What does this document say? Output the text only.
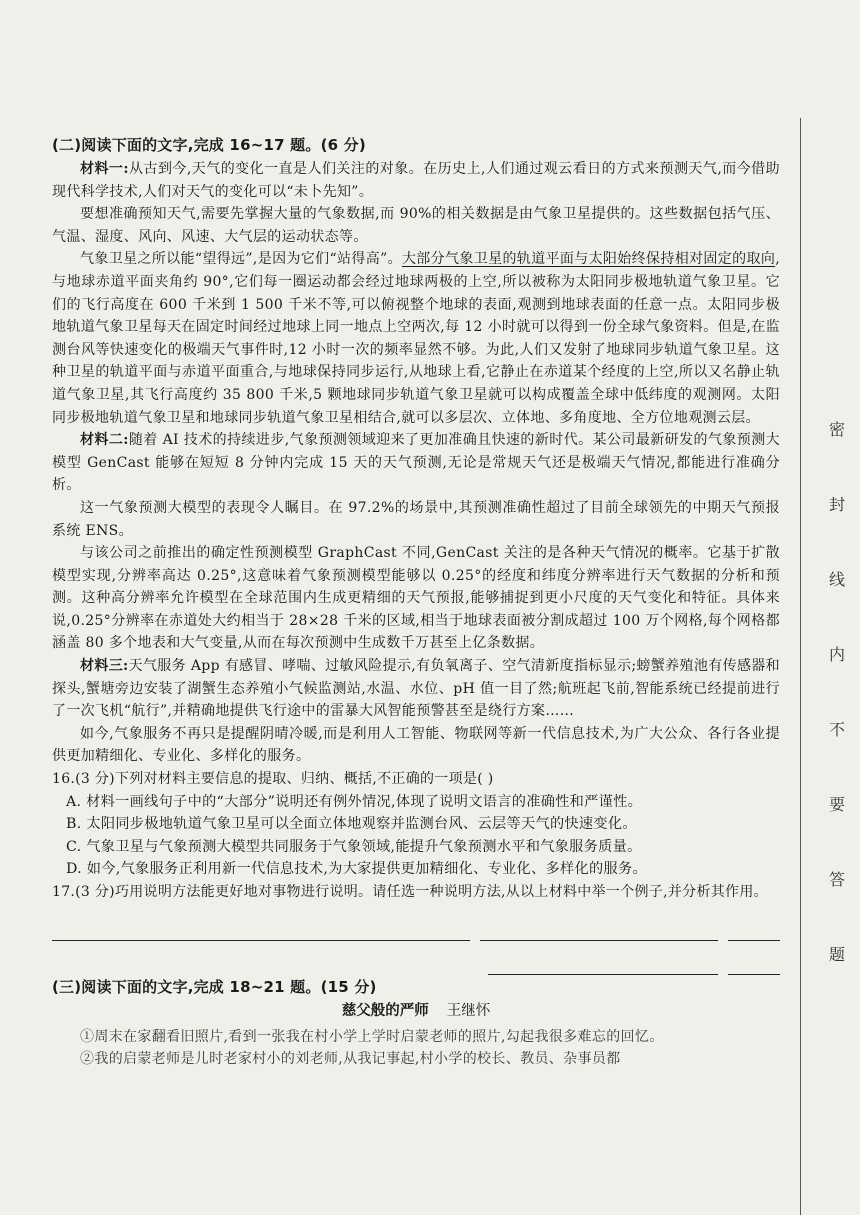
(二)阅读下面的文字,完成 16~17 题。(6 分)

材料一:从古到今,天气的变化一直是人们关注的对象。在历史上,人们通过观云看日的方式来预测天气,而今借助现代科学技术,人们对天气的变化可以“未卜先知”。

要想准确预知天气,需要先掌握大量的气象数据,而 90%的相关数据是由气象卫星提供的。这些数据包括气压、气温、湿度、风向、风速、大气层的运动状态等。

气象卫星之所以能“望得远”,是因为它们“站得高”。大部分气象卫星的轨道平面与太阳始终保持相对固定的取向,与地球赤道平面夹角约 90°,它们每一圈运动都会经过地球两极的上空,所以被称为太阳同步极地轨道气象卫星。它们的飞行高度在 600 千米到 1 500 千米不等,可以俯视整个地球的表面,观测到地球表面的任意一点。太阳同步极地轨道气象卫星每天在固定时间经过地球上同一地点上空两次,每 12 小时就可以得到一份全球气象资料。但是,在监测台风等快速变化的极端天气事件时,12 小时一次的频率显然不够。为此,人们又发射了地球同步轨道气象卫星。这种卫星的轨道平面与赤道平面重合,与地球保持同步运行,从地球上看,它静止在赤道某个经度的上空,所以又名静止轨道气象卫星,其飞行高度约 35 800 千米,5 颗地球同步轨道气象卫星就可以构成覆盖全球中低纬度的观测网。太阳同步极地轨道气象卫星和地球同步轨道气象卫星相结合,就可以多层次、立体地、多角度地、全方位地观测云层。

材料二:随着 AI 技术的持续进步,气象预测领域迎来了更加准确且快速的新时代。某公司最新研发的气象预测大模型 GenCast 能够在短短 8 分钟内完成 15 天的天气预测,无论是常规天气还是极端天气情况,都能进行准确分析。

这一气象预测大模型的表现令人瞩目。在 97.2%的场景中,其预测准确性超过了目前全球领先的中期天气预报系统 ENS。

与该公司之前推出的确定性预测模型 GraphCast 不同,GenCast 关注的是各种天气情况的概率。它基于扩散模型实现,分辨率高达 0.25°,这意味着气象预测模型能够以 0.25°的经度和纬度分辨率进行天气数据的分析和预测。这种高分辨率允许模型在全球范围内生成更精细的天气预报,能够捕捉到更小尺度的天气变化和特征。具体来说,0.25°分辨率在赤道处大约相当于 28×28 千米的区域,相当于地球表面被分割成超过 100 万个网格,每个网格都涵盖 80 多个地表和大气变量,从而在每次预测中生成数千万甚至上亿条数据。

材料三:天气服务 App 有感冒、哮喘、过敏风险提示,有负氧离子、空气清新度指标显示;螃蟹养殖池有传感器和探头,蟹塘旁边安装了湖蟹生态养殖小气候监测站,水温、水位、pH 值一目了然;航班起飞前,智能系统已经提前进行了一次飞机“航行”,并精确地提供飞行途中的雷暴大风智能预警甚至是绕行方案……

如今,气象服务不再只是提醒阴晴冷暖,而是利用人工智能、物联网等新一代信息技术,为广大公众、各行各业提供更加精细化、专业化、多样化的服务。

16.(3 分)下列对材料主要信息的提取、归纳、概括,不正确的一项是( )

A. 材料一画线句子中的“大部分”说明还有例外情况,体现了说明文语言的准确性和严谨性。

B. 太阳同步极地轨道气象卫星可以全面立体地观察并监测台风、云层等天气的快速变化。

C. 气象卫星与气象预测大模型共同服务于气象领域,能提升气象预测水平和气象服务质量。

D. 如今,气象服务正利用新一代信息技术,为大家提供更加精细化、专业化、多样化的服务。

17.(3 分)巧用说明方法能更好地对事物进行说明。请任选一种说明方法,从以上材料中举一个例子,并分析其作用。

(三)阅读下面的文字,完成 18~21 题。(15 分)
慈父般的严师 王继怀

①周末在家翻看旧照片,看到一张我在村小学上学时启蒙老师的照片,勾起我很多难忘的回忆。

②我的启蒙老师是儿时老家村小的刘老师,从我记事起,村小学的校长、教员、杂事员都

密
封
线
内
不
要
答
题
